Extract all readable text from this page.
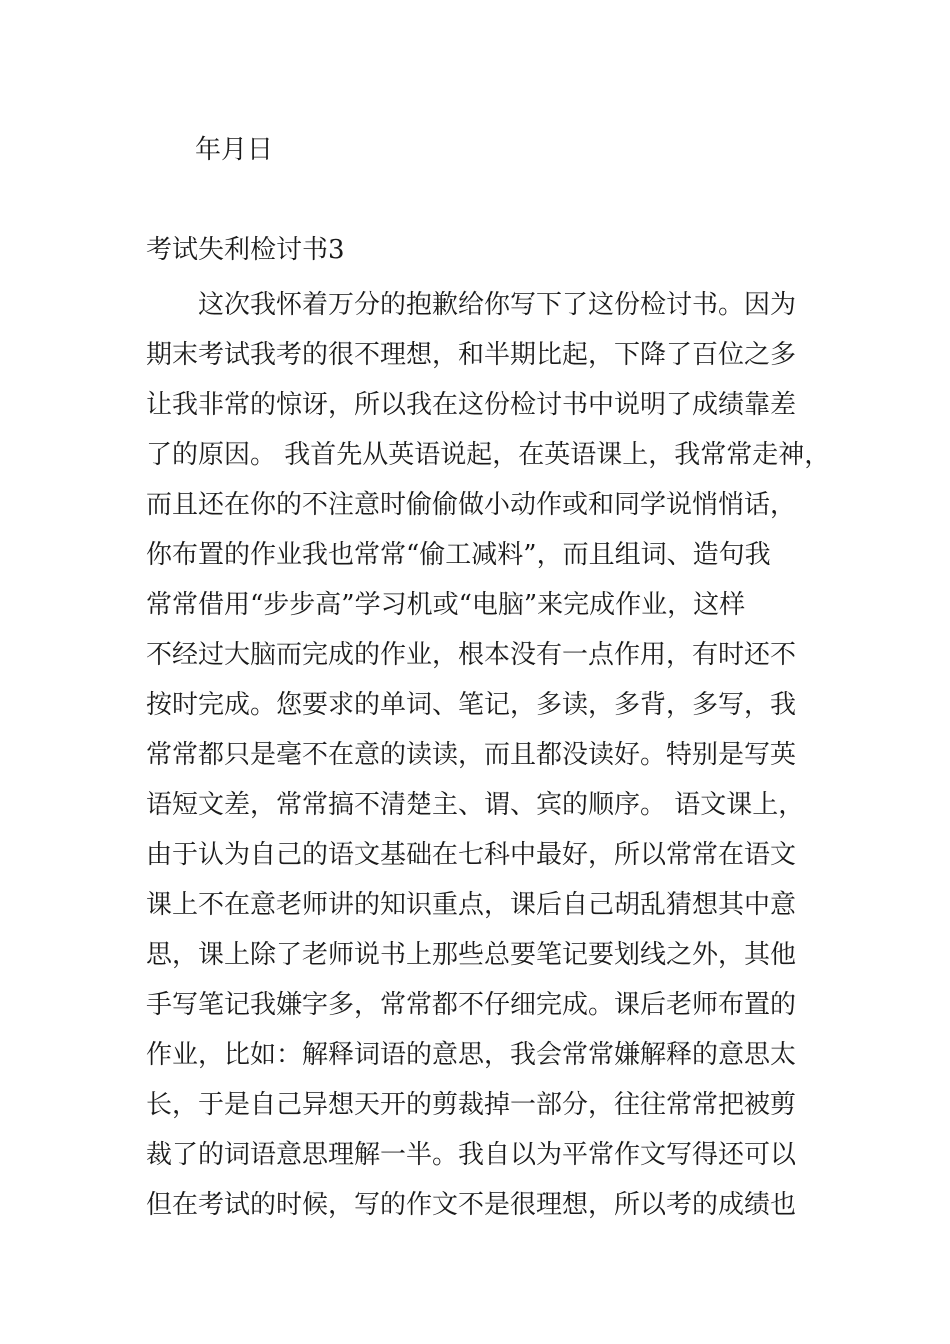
年月日
考试失利检讨书3
　　这次我怀着万分的抱歉给你写下了这份检讨书。因为
期末考试我考的很不理想，和半期比起，下降了百位之多
让我非常的惊讶，所以我在这份检讨书中说明了成绩靠差
了的原因。 我首先从英语说起，在英语课上，我常常走神，
而且还在你的不注意时偷偷做小动作或和同学说悄悄话，
你布置的作业我也常常“偷工减料”，而且组词、造句我
常常借用“步步高”学习机或“电脑”来完成作业，这样
不经过大脑而完成的作业，根本没有一点作用，有时还不
按时完成。您要求的单词、笔记，多读，多背，多写，我
常常都只是毫不在意的读读，而且都没读好。特别是写英
语短文差，常常搞不清楚主、谓、宾的顺序。 语文课上，
由于认为自己的语文基础在七科中最好，所以常常在语文
课上不在意老师讲的知识重点，课后自己胡乱猜想其中意
思，课上除了老师说书上那些总要笔记要划线之外，其他
手写笔记我嫌字多，常常都不仔细完成。课后老师布置的
作业，比如：解释词语的意思，我会常常嫌解释的意思太
长，于是自己异想天开的剪裁掉一部分，往往常常把被剪
裁了的词语意思理解一半。我自以为平常作文写得还可以
但在考试的时候，写的作文不是很理想，所以考的成绩也
